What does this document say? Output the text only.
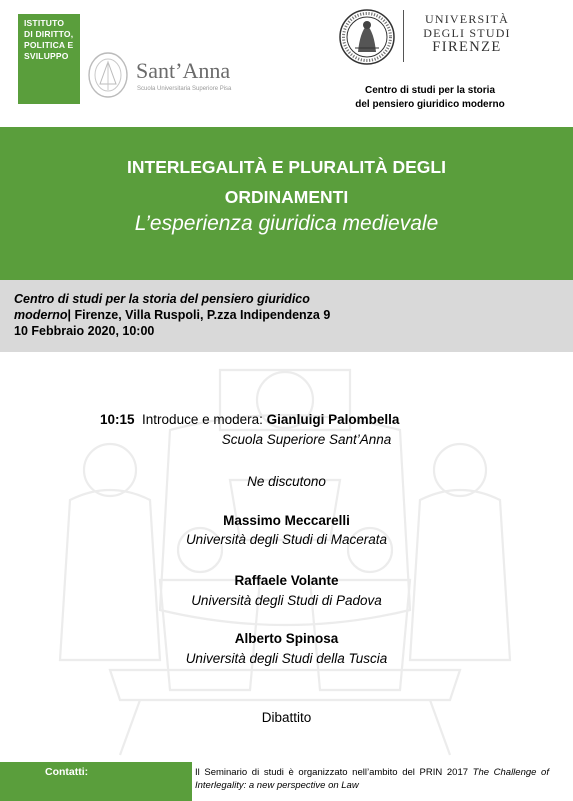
ISTITUTO
DI DIRITTO,
POLITICA E
SVILUPPO
Sant’Anna
Scuola Universitaria Superiore Pisa
UNIVERSITÀ
DEGLI STUDI
FIRENZE
Centro di studi per la storia
del pensiero giuridico moderno
INTERLEGALITÀ E PLURALITÀ DEGLI
ORDINAMENTI
L’esperienza giuridica medievale
Centro di studi per la storia del pensiero giuridico
moderno| Firenze, Villa Ruspoli, P.zza Indipendenza 9
10 Febbraio 2020, 10:00
10:15 Introduce e modera: Gianluigi Palombella
Scuola Superiore Sant’Anna
Ne discutono
Massimo Meccarelli
Università degli Studi di Macerata
Raffaele Volante
Università degli Studi di Padova
Alberto Spinosa
Università degli Studi della Tuscia
Dibattito
Contatti:	Il Seminario di studi è organizzato nell’ambito del PRIN 2017 The Challenge of Interlegality: a new perspective on Law
